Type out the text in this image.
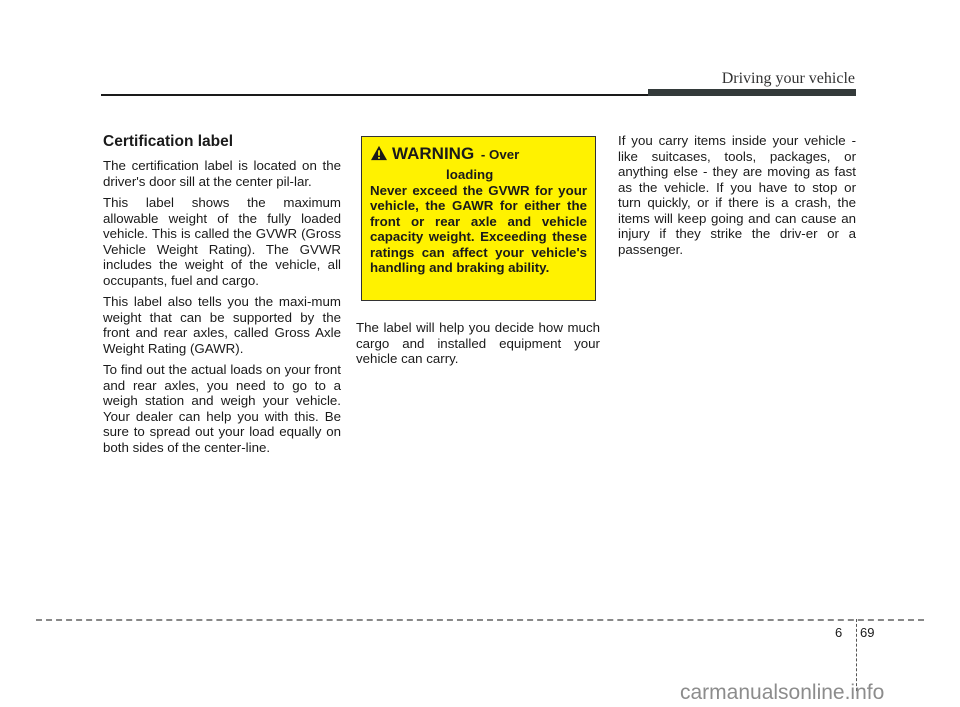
Driving your vehicle
Certification label

The certification label is located on the driver's door sill at the center pil-lar.

This label shows the maximum allowable weight of the fully loaded vehicle. This is called the GVWR (Gross Vehicle Weight Rating). The GVWR includes the weight of the vehicle, all occupants, fuel and cargo.

This label also tells you the maxi-mum weight that can be supported by the front and rear axles, called Gross Axle Weight Rating (GAWR).

To find out the actual loads on your front and rear axles, you need to go to a weigh station and weigh your vehicle. Your dealer can help you with this. Be sure to spread out your load equally on both sides of the center-line.

WARNING - Over
loading
Never exceed the GVWR for your vehicle, the GAWR for either the front or rear axle and vehicle capacity weight. Exceeding these ratings can affect your vehicle's handling and braking ability.

The label will help you decide how much cargo and installed equipment your vehicle can carry.

If you carry items inside your vehicle - like suitcases, tools, packages, or anything else - they are moving as fast as the vehicle. If you have to stop or turn quickly, or if there is a crash, the items will keep going and can cause an injury if they strike the driv-er or a passenger.

6 69
carmanualsonline.info
